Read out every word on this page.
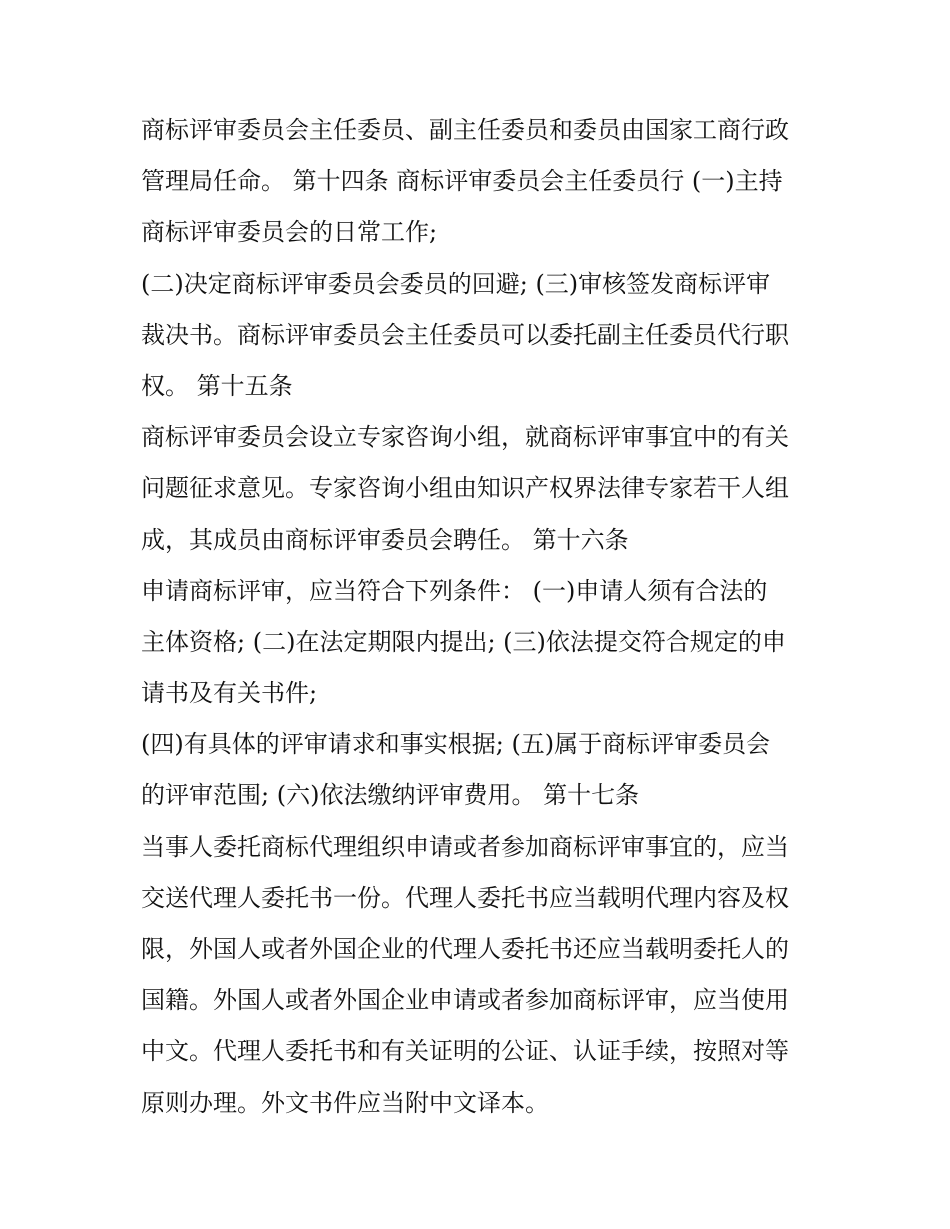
商标评审委员会主任委员、副主任委员和委员由国家工商行政
管理局任命。 第十四条 商标评审委员会主任委员行 (一)主持
商标评审委员会的日常工作;
(二)决定商标评审委员会委员的回避; (三)审核签发商标评审
裁决书。商标评审委员会主任委员可以委托副主任委员代行职
权。 第十五条
商标评审委员会设立专家咨询小组，就商标评审事宜中的有关
问题征求意见。专家咨询小组由知识产权界法律专家若干人组
成，其成员由商标评审委员会聘任。 第十六条
申请商标评审，应当符合下列条件： (一)申请人须有合法的
主体资格; (二)在法定期限内提出; (三)依法提交符合规定的申
请书及有关书件;
(四)有具体的评审请求和事实根据; (五)属于商标评审委员会
的评审范围; (六)依法缴纳评审费用。 第十七条
当事人委托商标代理组织申请或者参加商标评审事宜的，应当
交送代理人委托书一份。代理人委托书应当载明代理内容及权
限，外国人或者外国企业的代理人委托书还应当载明委托人的
国籍。外国人或者外国企业申请或者参加商标评审，应当使用
中文。代理人委托书和有关证明的公证、认证手续，按照对等
原则办理。外文书件应当附中文译本。
